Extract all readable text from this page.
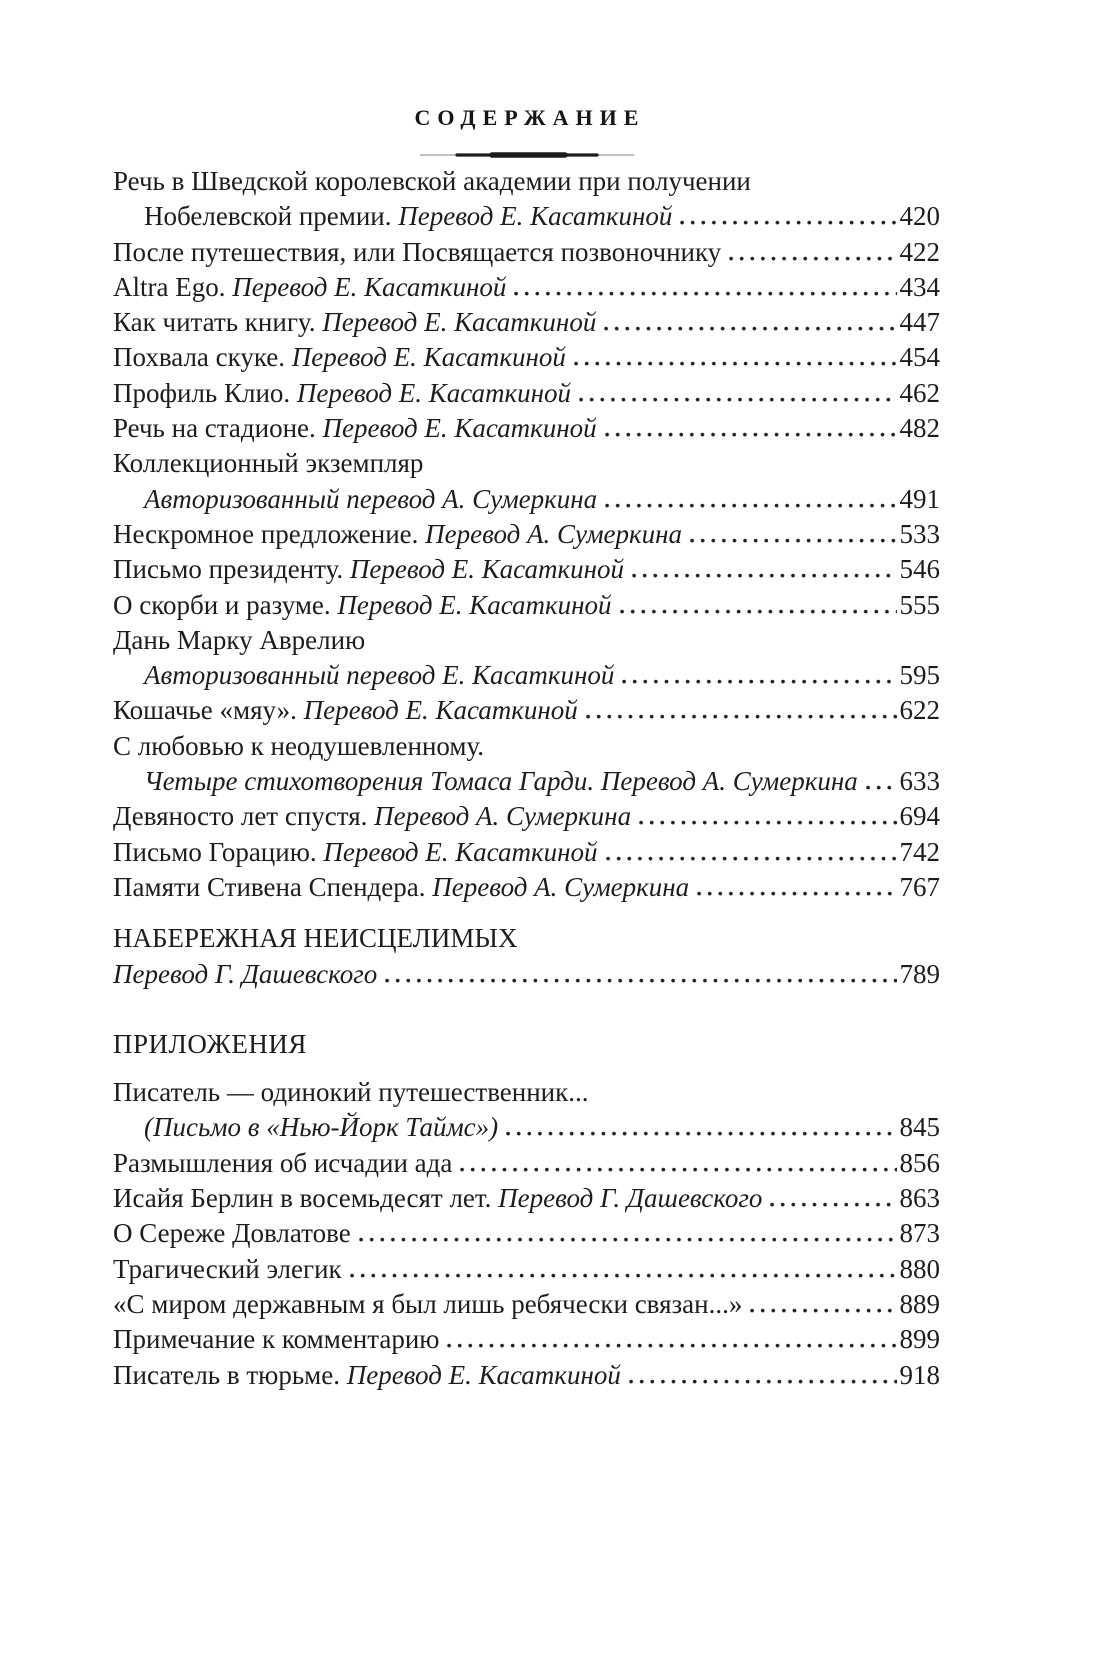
СОДЕРЖАНИЕ
Речь в Шведской королевской академии при получении
Нобелевской премии. Перевод Е. Касаткиной	420
После путешествия, или Посвящается позвоночнику	422
Altra Ego. Перевод Е. Касаткиной	434
Как читать книгу. Перевод Е. Касаткиной	447
Похвала скуке. Перевод Е. Касаткиной	454
Профиль Клио. Перевод Е. Касаткиной	462
Речь на стадионе. Перевод Е. Касаткиной	482
Коллекционный экземпляр
Авторизованный перевод А. Сумеркина	491
Нескромное предложение. Перевод А. Сумеркина	533
Письмо президенту. Перевод Е. Касаткиной	546
О скорби и разуме. Перевод Е. Касаткиной	555
Дань Марку Аврелию
Авторизованный перевод Е. Касаткиной	595
Кошачье «мяу». Перевод Е. Касаткиной	622
С любовью к неодушевленному.
Четыре стихотворения Томаса Гарди. Перевод А. Сумеркина 633
Девяносто лет спустя. Перевод А. Сумеркина	694
Письмо Горацию. Перевод Е. Касаткиной	742
Памяти Стивена Спендера. Перевод А. Сумеркина	767
НАБЕРЕЖНАЯ НЕИСЦЕЛИМЫХ
Перевод Г. Дашевского	789
ПРИЛОЖЕНИЯ
Писатель — одинокий путешественник...
(Письмо в «Нью-Йорк Таймс»)	845
Размышления об исчадии ада	856
Исайя Берлин в восемьдесят лет. Перевод Г. Дашевского	863
О Сереже Довлатове	873
Трагический элегик	880
«С миром державным я был лишь ребячески связан...»	889
Примечание к комментарию	899
Писатель в тюрьме. Перевод Е. Касаткиной	918
